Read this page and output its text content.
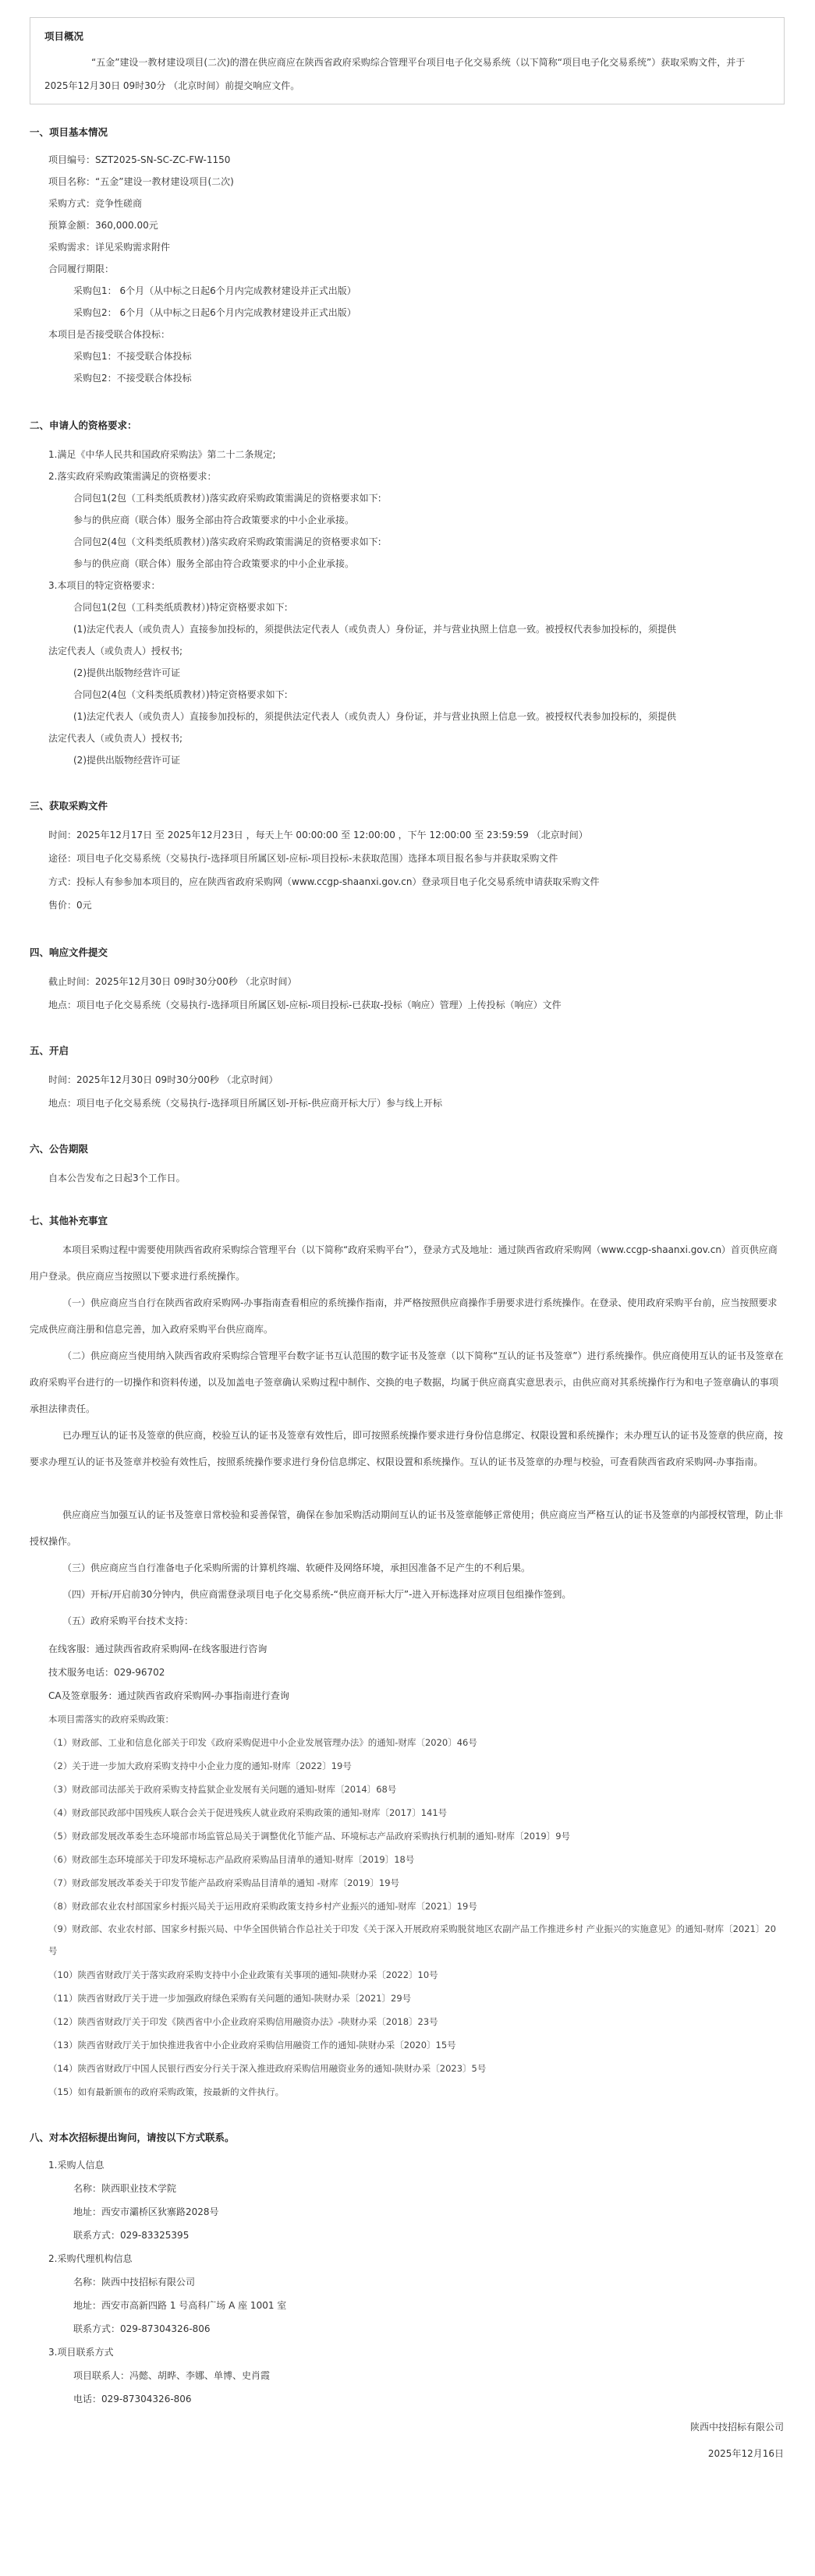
项目概况
“五金”建设一教材建设项目(二次)的潜在供应商应在陕西省政府采购综合管理平台项目电子化交易系统（以下简称“项目电子化交易系统”）获取采购文件，并于 2025年12月30日 09时30分 （北京时间）前提交响应文件。
一、项目基本情况
项目编号：SZT2025-SN-SC-ZC-FW-1150
项目名称：“五金”建设一教材建设项目(二次)
采购方式：竞争性磋商
预算金额：360,000.00元
采购需求：详见采购需求附件
合同履行期限：
采购包1： 6个月（从中标之日起6个月内完成教材建设并正式出版）
采购包2： 6个月（从中标之日起6个月内完成教材建设并正式出版）
本项目是否接受联合体投标：
采购包1：不接受联合体投标
采购包2：不接受联合体投标
二、申请人的资格要求：
1.满足《中华人民共和国政府采购法》第二十二条规定;
2.落实政府采购政策需满足的资格要求：
合同包1(2包（工科类纸质教材）)落实政府采购政策需满足的资格要求如下:
参与的供应商（联合体）服务全部由符合政策要求的中小企业承接。
合同包2(4包（文科类纸质教材）)落实政府采购政策需满足的资格要求如下:
参与的供应商（联合体）服务全部由符合政策要求的中小企业承接。
3.本项目的特定资格要求：
合同包1(2包（工科类纸质教材）)特定资格要求如下:
(1)法定代表人（或负责人）直接参加投标的，须提供法定代表人（或负责人）身份证，并与营业执照上信息一致。被授权代表参加投标的，须提供
法定代表人（或负责人）授权书;
(2)提供出版物经营许可证
合同包2(4包（文科类纸质教材）)特定资格要求如下:
(1)法定代表人（或负责人）直接参加投标的，须提供法定代表人（或负责人）身份证，并与营业执照上信息一致。被授权代表参加投标的，须提供
法定代表人（或负责人）授权书;
(2)提供出版物经营许可证
三、获取采购文件
时间：2025年12月17日 至 2025年12月23日 ，每天上午 00:00:00 至 12:00:00 ，下午 12:00:00 至 23:59:59 （北京时间）
途径：项目电子化交易系统（交易执行-选择项目所属区划-应标-项目投标-未获取范围）选择本项目报名参与并获取采购文件
方式：投标人有参参加本项目的，应在陕西省政府采购网（www.ccgp-shaanxi.gov.cn）登录项目电子化交易系统申请获取采购文件
售价：0元
四、响应文件提交
截止时间：2025年12月30日 09时30分00秒 （北京时间）
地点：项目电子化交易系统（交易执行-选择项目所属区划-应标-项目投标-已获取-投标（响应）管理）上传投标（响应）文件
五、开启
时间：2025年12月30日 09时30分00秒 （北京时间）
地点：项目电子化交易系统（交易执行-选择项目所属区划-开标-供应商开标大厅）参与线上开标
六、公告期限
自本公告发布之日起3个工作日。
七、其他补充事宜
本项目采购过程中需要使用陕西省政府采购综合管理平台（以下简称“政府采购平台”），登录方式及地址：通过陕西省政府采购网（www.ccgp-shaanxi.gov.cn）首页供应商用户登录。供应商应当按照以下要求进行系统操作。
（一）供应商应当自行在陕西省政府采购网-办事指南查看相应的系统操作指南，并严格按照供应商操作手册要求进行系统操作。在登录、使用政府采购平台前，应当按照要求完成供应商注册和信息完善，加入政府采购平台供应商库。
（二）供应商应当使用纳入陕西省政府采购综合管理平台数字证书互认范围的数字证书及签章（以下简称“互认的证书及签章”）进行系统操作。供应商使用互认的证书及签章在政府采购平台进行的一切操作和资料传递，以及加盖电子签章确认采购过程中制作、交换的电子数据，均属于供应商真实意思表示，由供应商对其系统操作行为和电子签章确认的事项承担法律责任。
已办理互认的证书及签章的供应商，校验互认的证书及签章有效性后，即可按照系统操作要求进行身份信息绑定、权限设置和系统操作；未办理互认的证书及签章的供应商，按要求办理互认的证书及签章并校验有效性后，按照系统操作要求进行身份信息绑定、权限设置和系统操作。互认的证书及签章的办理与校验，可查看陕西省政府采购网-办事指南。
供应商应当加强互认的证书及签章日常校验和妥善保管，确保在参加采购活动期间互认的证书及签章能够正常使用；供应商应当严格互认的证书及签章的内部授权管理，防止非授权操作。
（三）供应商应当自行准备电子化采购所需的计算机终端、软硬件及网络环境，承担因准备不足产生的不利后果。
（四）开标/开启前30分钟内，供应商需登录项目电子化交易系统-“供应商开标大厅”-进入开标选择对应项目包组操作签到。
（五）政府采购平台技术支持：
在线客服：通过陕西省政府采购网-在线客服进行咨询
技术服务电话：029-96702
CA及签章服务：通过陕西省政府采购网-办事指南进行查询
本项目需落实的政府采购政策：
（1）财政部、工业和信息化部关于印发《政府采购促进中小企业发展管理办法》的通知-财库〔2020〕46号
（2）关于进一步加大政府采购支持中小企业力度的通知-财库〔2022〕19号
（3）财政部司法部关于政府采购支持监狱企业发展有关问题的通知-财库〔2014〕68号
（4）财政部民政部中国残疾人联合会关于促进残疾人就业政府采购政策的通知-财库〔2017〕141号
（5）财政部发展改革委生态环境部市场监管总局关于调整优化节能产品、环境标志产品政府采购执行机制的通知-财库〔2019〕9号
（6）财政部生态环境部关于印发环境标志产品政府采购品目清单的通知-财库〔2019〕18号
（7）财政部发展改革委关于印发节能产品政府采购品目清单的通知 -财库〔2019〕19号
（8）财政部农业农村部国家乡村振兴局关于运用政府采购政策支持乡村产业振兴的通知-财库〔2021〕19号
（9）财政部、农业农村部、国家乡村振兴局、中华全国供销合作总社关于印发《关于深入开展政府采购脱贫地区农副产品工作推进乡村 产业振兴的实施意见》的通知-财库〔2021〕20号
（10）陕西省财政厅关于落实政府采购支持中小企业政策有关事项的通知-陕财办采〔2022〕10号
（11）陕西省财政厅关于进一步加强政府绿色采购有关问题的通知-陕财办采〔2021〕29号
（12）陕西省财政厅关于印发《陕西省中小企业政府采购信用融资办法》-陕财办采〔2018〕23号
（13）陕西省财政厅关于加快推进我省中小企业政府采购信用融资工作的通知-陕财办采〔2020〕15号
（14）陕西省财政厅中国人民银行西安分行关于深入推进政府采购信用融资业务的通知-陕财办采〔2023〕5号
（15）如有最新颁布的政府采购政策，按最新的文件执行。
八、对本次招标提出询问，请按以下方式联系。
1.采购人信息
名称：陕西职业技术学院
地址：西安市灞桥区狄寨路2028号
联系方式：029-83325395
2.采购代理机构信息
名称：陕西中技招标有限公司
地址：西安市高新四路 1 号高科广场 A 座 1001 室
联系方式：029-87304326-806
3.项目联系方式
项目联系人：冯懿、胡晔、李娜、单博、史肖霞
电话：029-87304326-806
陕西中技招标有限公司
2025年12月16日
